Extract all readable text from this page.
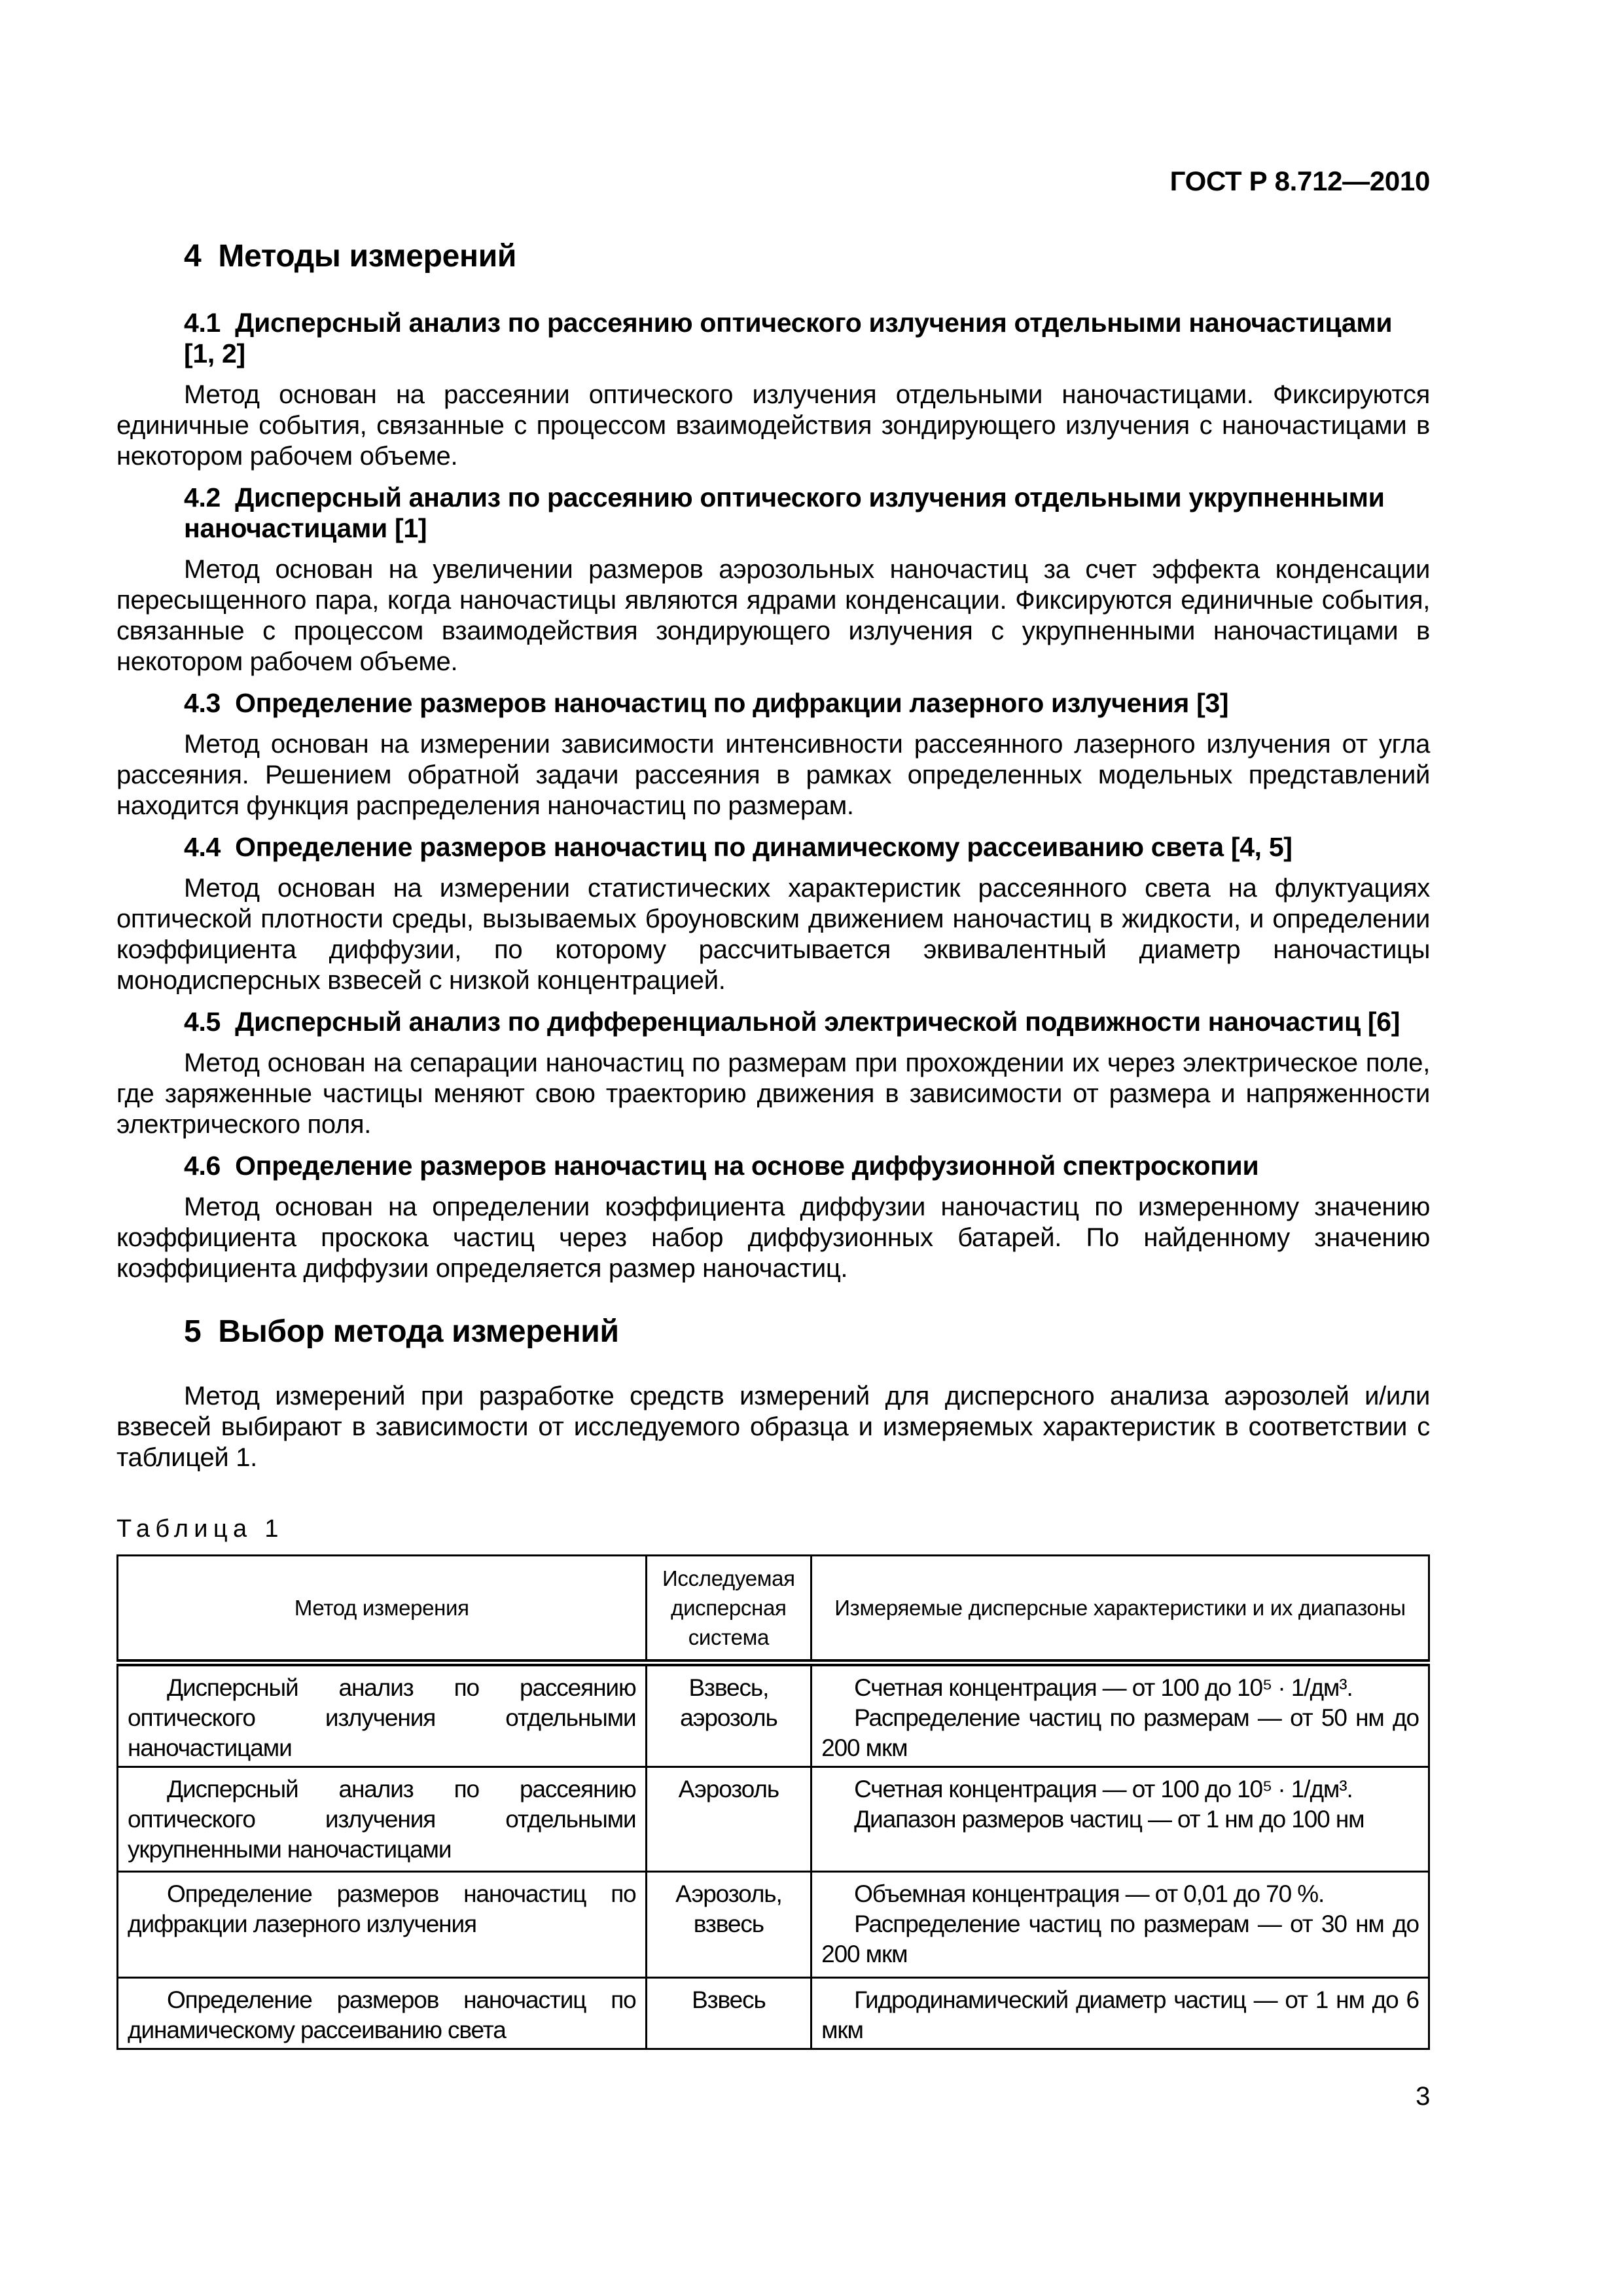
ГОСТ Р 8.712—2010
4  Методы измерений
4.1  Дисперсный анализ по рассеянию оптического излучения отдельными наночастицами [1, 2]

Метод основан на рассеянии оптического излучения отдельными наночастицами. Фиксируются единичные события, связанные с процессом взаимодействия зондирующего излучения с наночастицами в некотором рабочем объеме.

4.2  Дисперсный анализ по рассеянию оптического излучения отдельными укрупненными наночастицами [1]

Метод основан на увеличении размеров аэрозольных наночастиц за счет эффекта конденсации пересыщенного пара, когда наночастицы являются ядрами конденсации. Фиксируются единичные события, связанные с процессом взаимодействия зондирующего излучения с укрупненными наночастицами в некотором рабочем объеме.

4.3  Определение размеров наночастиц по дифракции лазерного излучения [3]

Метод основан на измерении зависимости интенсивности рассеянного лазерного излучения от угла рассеяния. Решением обратной задачи рассеяния в рамках определенных модельных представлений находится функция распределения наночастиц по размерам.

4.4  Определение размеров наночастиц по динамическому рассеиванию света [4, 5]

Метод основан на измерении статистических характеристик рассеянного света на флуктуациях оптической плотности среды, вызываемых броуновским движением наночастиц в жидкости, и определении коэффициента диффузии, по которому рассчитывается эквивалентный диаметр наночастицы монодисперсных взвесей с низкой концентрацией.

4.5  Дисперсный анализ по дифференциальной электрической подвижности наночастиц [6]

Метод основан на сепарации наночастиц по размерам при прохождении их через электрическое поле, где заряженные частицы меняют свою траекторию движения в зависимости от размера и напряженности электрического поля.

4.6  Определение размеров наночастиц на основе диффузионной спектроскопии

Метод основан на определении коэффициента диффузии наночастиц по измеренному значению коэффициента проскока частиц через набор диффузионных батарей. По найденному значению коэффициента диффузии определяется размер наночастиц.

5  Выбор метода измерений

Метод измерений при разработке средств измерений для дисперсного анализа аэрозолей и/или взвесей выбирают в зависимости от исследуемого образца и измеряемых характеристик в соответствии с таблицей 1.

Таблица 1
Метод измерения	Исследуемая дисперсная система	Измеряемые дисперсные характеристики и их диапазоны

Дисперсный анализ по рассеянию оптического излучения отдельными наночастицами	Взвесь, аэрозоль	Счетная концентрация — от 100 до 10⁵ · 1/дм³.
Распределение частиц по размерам — от 50 нм до 200 мкм

Дисперсный анализ по рассеянию оптического излучения отдельными укрупненными наночастицами	Аэрозоль	Счетная концентрация — от 100 до 10⁵ · 1/дм³.
Диапазон размеров частиц — от 1 нм до 100 нм

Определение размеров наночастиц по дифракции лазерного излучения	Аэрозоль, взвесь	Объемная концентрация — от 0,01 до 70 %.
Распределение частиц по размерам — от 30 нм до 200 мкм

Определение размеров наночастиц по динамическому рассеиванию света	Взвесь	Гидродинамический диаметр частиц — от 1 нм до 6 мкм
3
